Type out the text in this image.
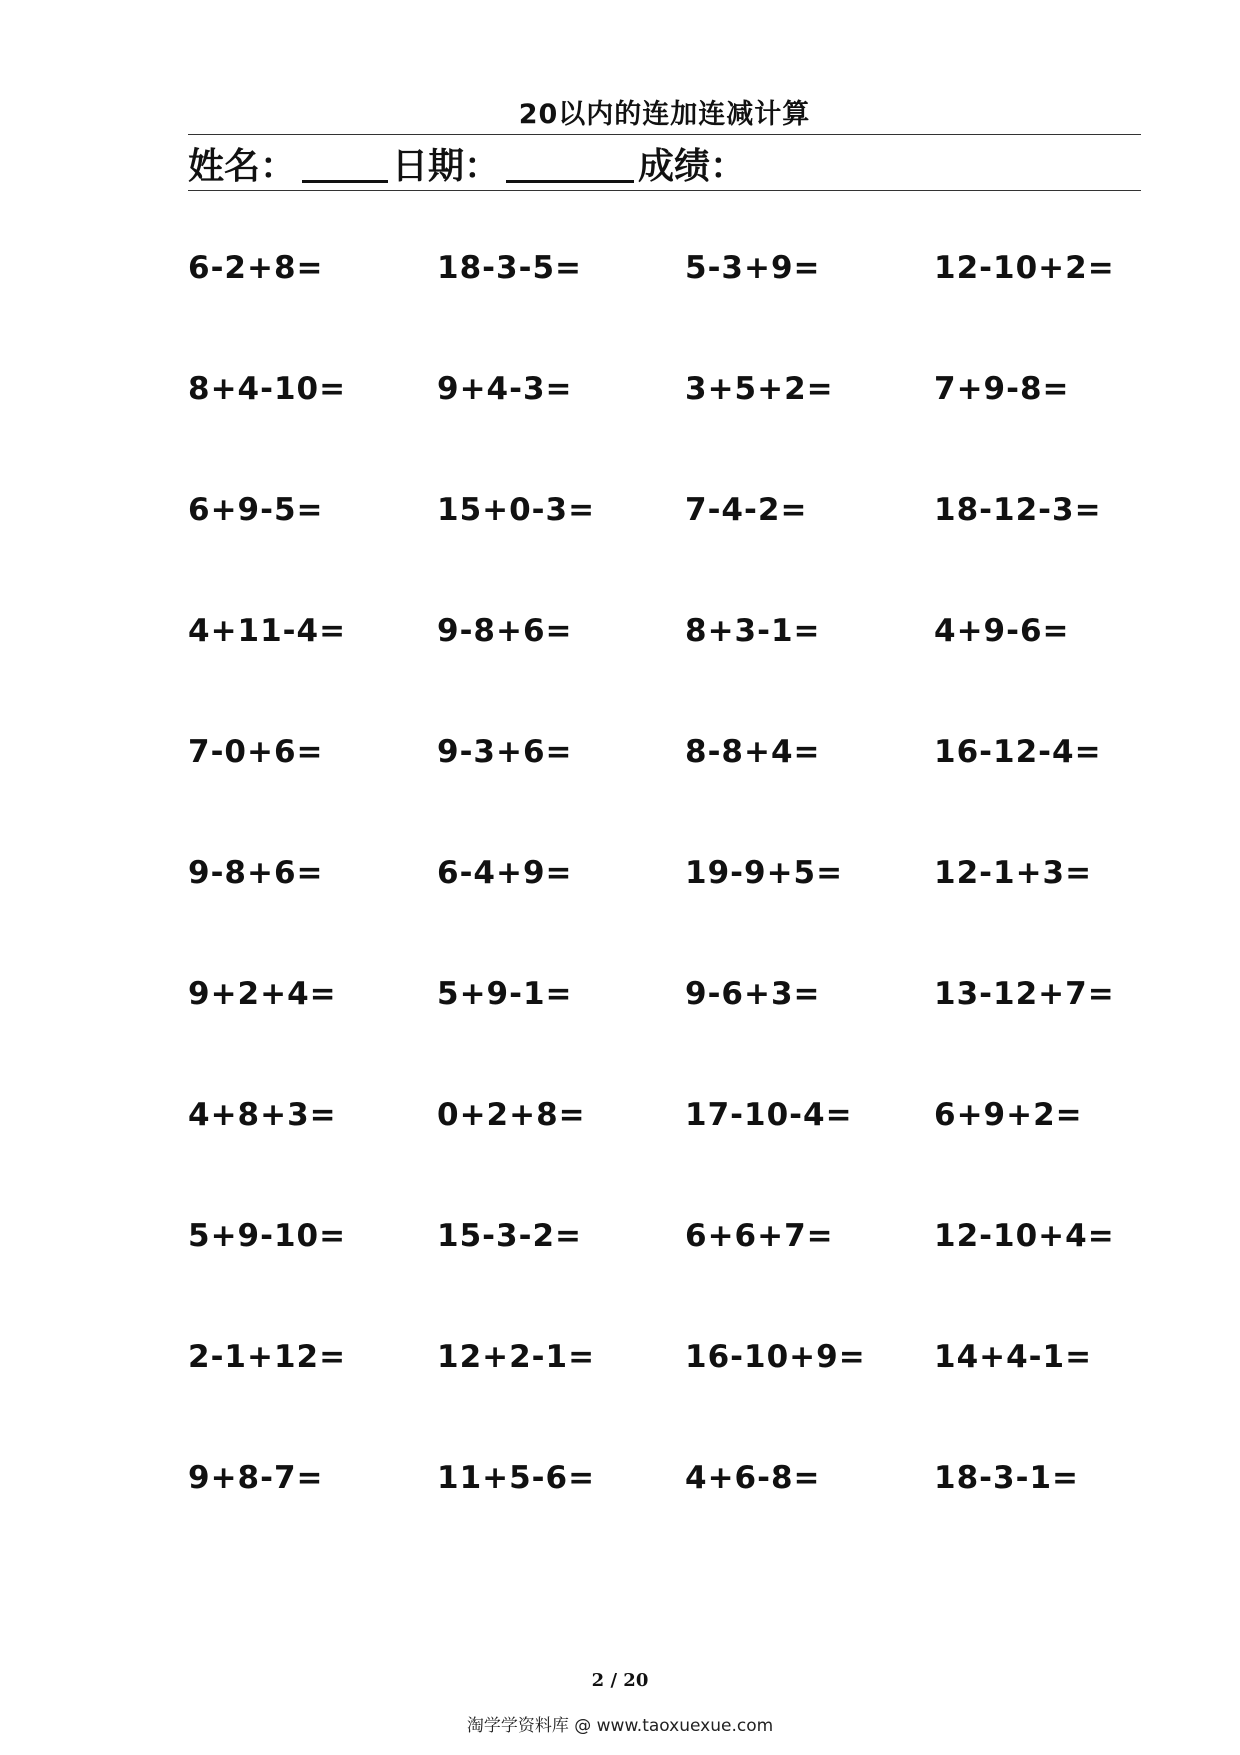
20以内的连加连减计算
姓名：	日期：	成绩：
6-2+8=	18-3-5=	5-3+9=	12-10+2=
8+4-10=	9+4-3=	3+5+2=	7+9-8=
6+9-5=	15+0-3=	7-4-2=	18-12-3=
4+11-4=	9-8+6=	8+3-1=	4+9-6=
7-0+6=	9-3+6=	8-8+4=	16-12-4=
9-8+6=	6-4+9=	19-9+5=	12-1+3=
9+2+4=	5+9-1=	9-6+3=	13-12+7=
4+8+3=	0+2+8=	17-10-4=	6+9+2=
5+9-10=	15-3-2=	6+6+7=	12-10+4=
2-1+12=	12+2-1=	16-10+9= 14+4-1=
9+8-7=	11+5-6=	4+6-8=	18-3-1=
2 / 20
淘学学资料库 @ www.taoxuexue.com
